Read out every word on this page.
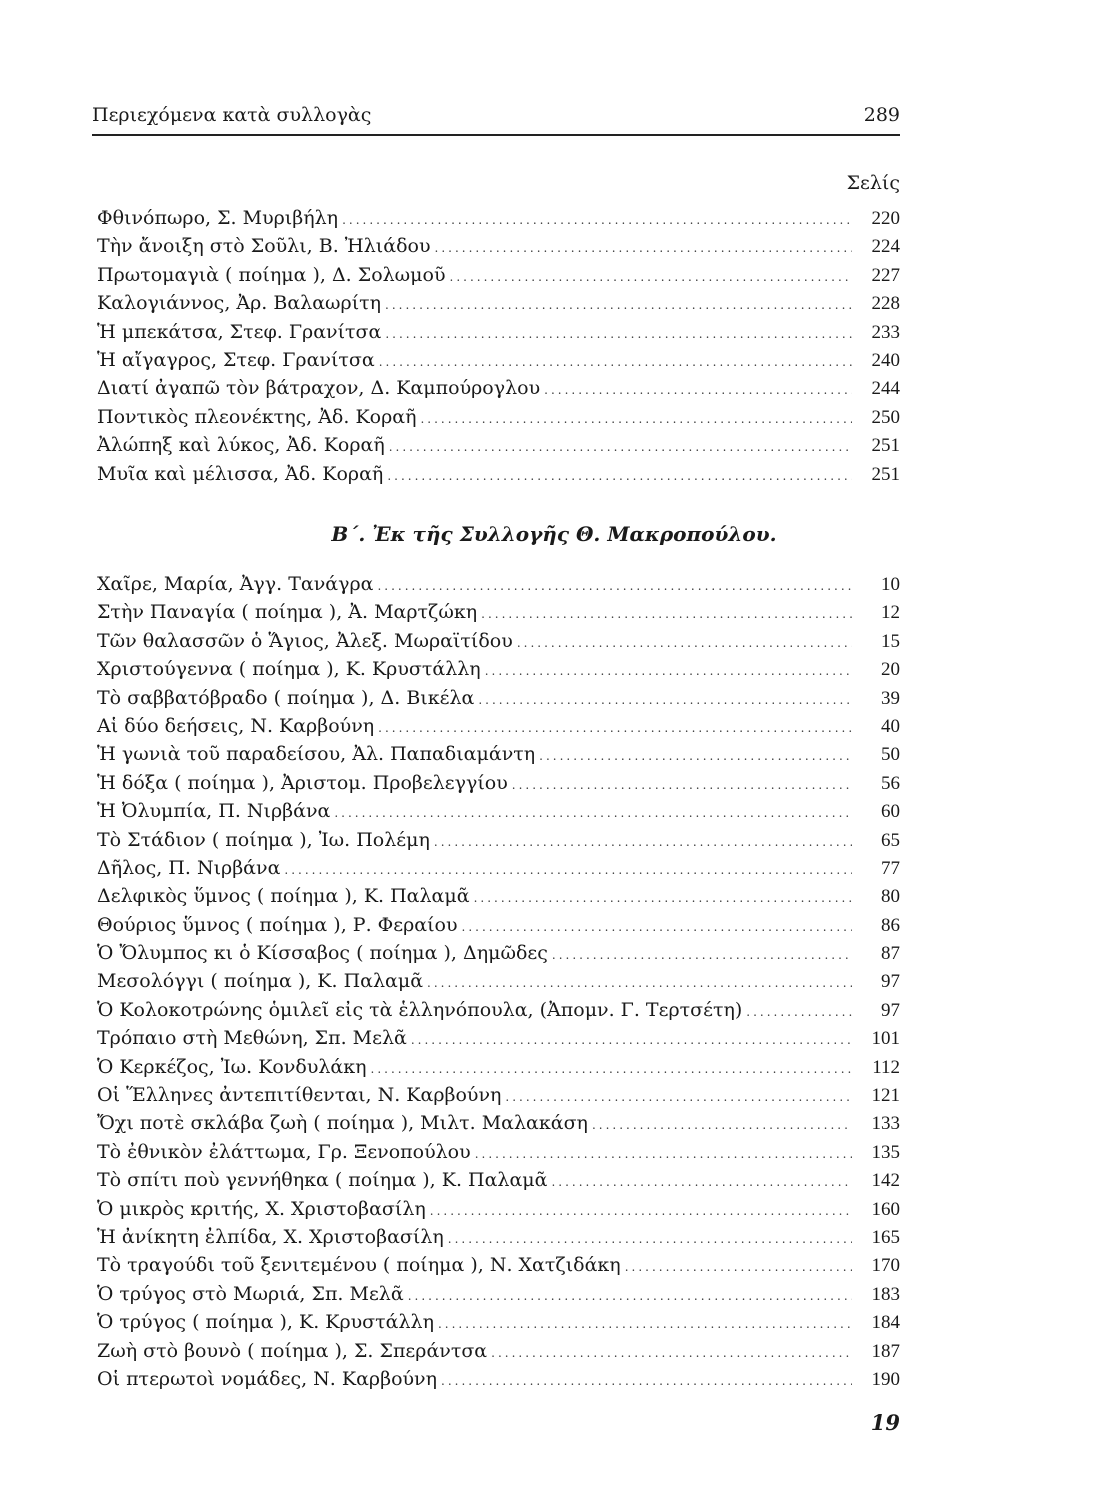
Περιεχόμενα κατὰ συλλογὰς	289
Σελίς
Φθινόπωρο, Σ. Μυριβήλη .....	220
Τὴν ἄνοιξη στὸ Σοῦλι, Β. Ἠλιάδου .....	224
Πρωτομαγιὰ ( ποίημα ), Δ. Σολωμοῦ .....	227
Καλογιάννος, Ἀρ. Βαλαωρίτη .....	228
Ἡ μπεκάτσα, Στεφ. Γρανίτσα .....	233
Ἡ αἴγαγρος, Στεφ. Γρανίτσα .....	240
Διατί ἀγαπῶ τὸν βάτραχον, Δ. Καμπούρογλου .....	244
Ποντικὸς πλεονέκτης, Ἀδ. Κοραῆ .....	250
Ἀλώπηξ καὶ λύκος, Ἀδ. Κοραῆ .....	251
Μυῖα καὶ μέλισσα, Ἀδ. Κοραῆ .....	251
Β΄. Ἐκ τῆς Συλλογῆς Θ. Μακροπούλου.
Χαῖρε, Μαρία, Ἀγγ. Τανάγρα .....	10
Στὴν Παναγία ( ποίημα ), Ἀ. Μαρτζώκη .....	12
Τῶν θαλασσῶν ὁ Ἅγιος, Ἀλεξ. Μωραϊτίδου .....	15
Χριστούγεννα ( ποίημα ), Κ. Κρυστάλλη .....	20
Τὸ σαββατόβραδο ( ποίημα ), Δ. Βικέλα .....	39
Αἱ δύο δεήσεις, Ν. Καρβούνη .....	40
Ἡ γωνιὰ τοῦ παραδείσου, Ἀλ. Παπαδιαμάντη .....	50
Ἡ δόξα ( ποίημα ), Ἀριστομ. Προβελεγγίου .....	56
Ἡ Ὀλυμπία, Π. Νιρβάνα .....	60
Τὸ Στάδιον ( ποίημα ), Ἰω. Πολέμη .....	65
Δῆλος, Π. Νιρβάνα .....	77
Δελφικὸς ὕμνος ( ποίημα ), Κ. Παλαμᾶ .....	80
Θούριος ὕμνος ( ποίημα ), Ρ. Φεραίου .....	86
Ὁ Ὄλυμπος κι ὁ Κίσσαβος ( ποίημα ), Δημῶδες .....	87
Μεσολόγγι ( ποίημα ), Κ. Παλαμᾶ .....	97
Ὁ Κολοκοτρώνης ὁμιλεῖ εἰς τὰ ἑλληνόπουλα, (Ἀπομν. Γ. Τερτσέτη) .....	97
Τρόπαιο στὴ Μεθώνη, Σπ. Μελᾶ .....	101
Ὁ Κερκέζος, Ἰω. Κονδυλάκη .....	112
Οἱ Ἕλληνες ἀντεπιτίθενται, Ν. Καρβούνη .....	121
Ὄχι ποτὲ σκλάβα ζωὴ ( ποίημα ), Μιλτ. Μαλακάση .....	133
Τὸ ἐθνικὸν ἐλάττωμα, Γρ. Ξενοπούλου .....	135
Τὸ σπίτι ποὺ γεννήθηκα ( ποίημα ), Κ. Παλαμᾶ .....	142
Ὁ μικρὸς κριτής, Χ. Χριστοβασίλη .....	160
Ἡ ἀνίκητη ἐλπίδα, Χ. Χριστοβασίλη .....	165
Τὸ τραγούδι τοῦ ξενιτεμένου ( ποίημα ), Ν. Χατζιδάκη .....	170
Ὁ τρύγος στὸ Μωριά, Σπ. Μελᾶ .....	183
Ὁ τρύγος ( ποίημα ), Κ. Κρυστάλλη .....	184
Ζωὴ στὸ βουνὸ ( ποίημα ), Σ. Σπεράντσα .....	187
Οἱ πτερωτοὶ νομάδες, Ν. Καρβούνη .....	190
19
